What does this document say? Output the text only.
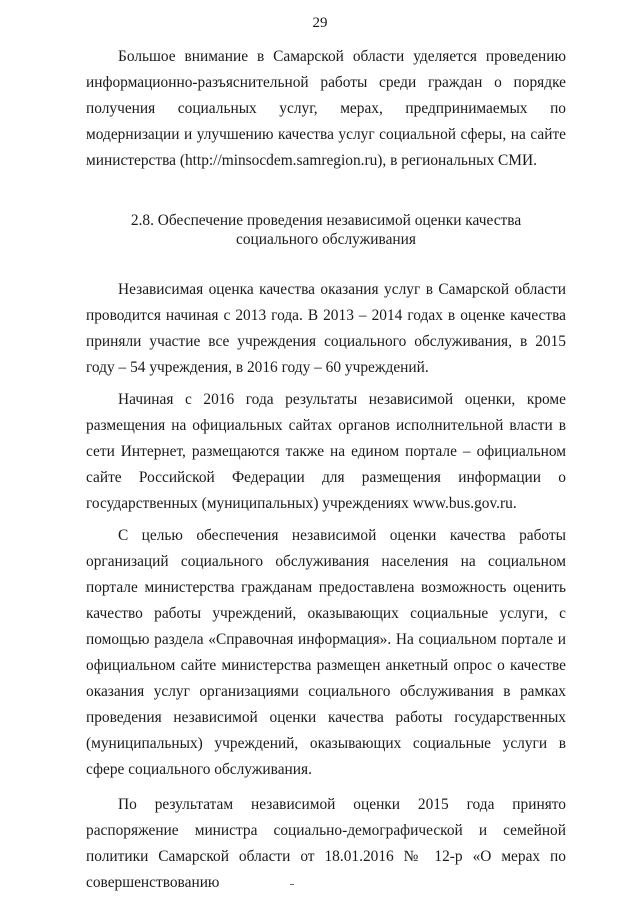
29

Большое внимание в Самарской области уделяется проведению информационно-разъяснительной работы среди граждан о порядке получения социальных услуг, мерах, предпринимаемых по модернизации и улучшению качества услуг социальной сферы, на сайте министерства (http://minsocdem.samregion.ru), в региональных СМИ.

2.8. Обеспечение проведения независимой оценки качества
социального обслуживания

Независимая оценка качества оказания услуг в Самарской области проводится начиная с 2013 года. В 2013 – 2014 годах в оценке качества приняли участие все учреждения социального обслуживания, в 2015 году – 54 учреждения, в 2016 году – 60 учреждений.

Начиная с 2016 года результаты независимой оценки, кроме размещения на официальных сайтах органов исполнительной власти в сети Интернет, размещаются также на едином портале – официальном сайте Российской Федерации для размещения информации о государственных (муниципальных) учреждениях www.bus.gov.ru.

С целью обеспечения независимой оценки качества работы организаций социального обслуживания населения на социальном портале министерства гражданам предоставлена возможность оценить качество работы учреждений, оказывающих социальные услуги, с помощью раздела «Справочная информация». На социальном портале и официальном сайте министерства размещен анкетный опрос о качестве оказания услуг организациями социального обслуживания в рамках проведения независимой оценки качества работы государственных (муниципальных) учреждений, оказывающих социальные услуги в сфере социального обслуживания.

По результатам независимой оценки 2015 года принято распоряжение министра социально-демографической и семейной политики Самарской области от 18.01.2016 № 12-р «О мерах по совершенствованию
